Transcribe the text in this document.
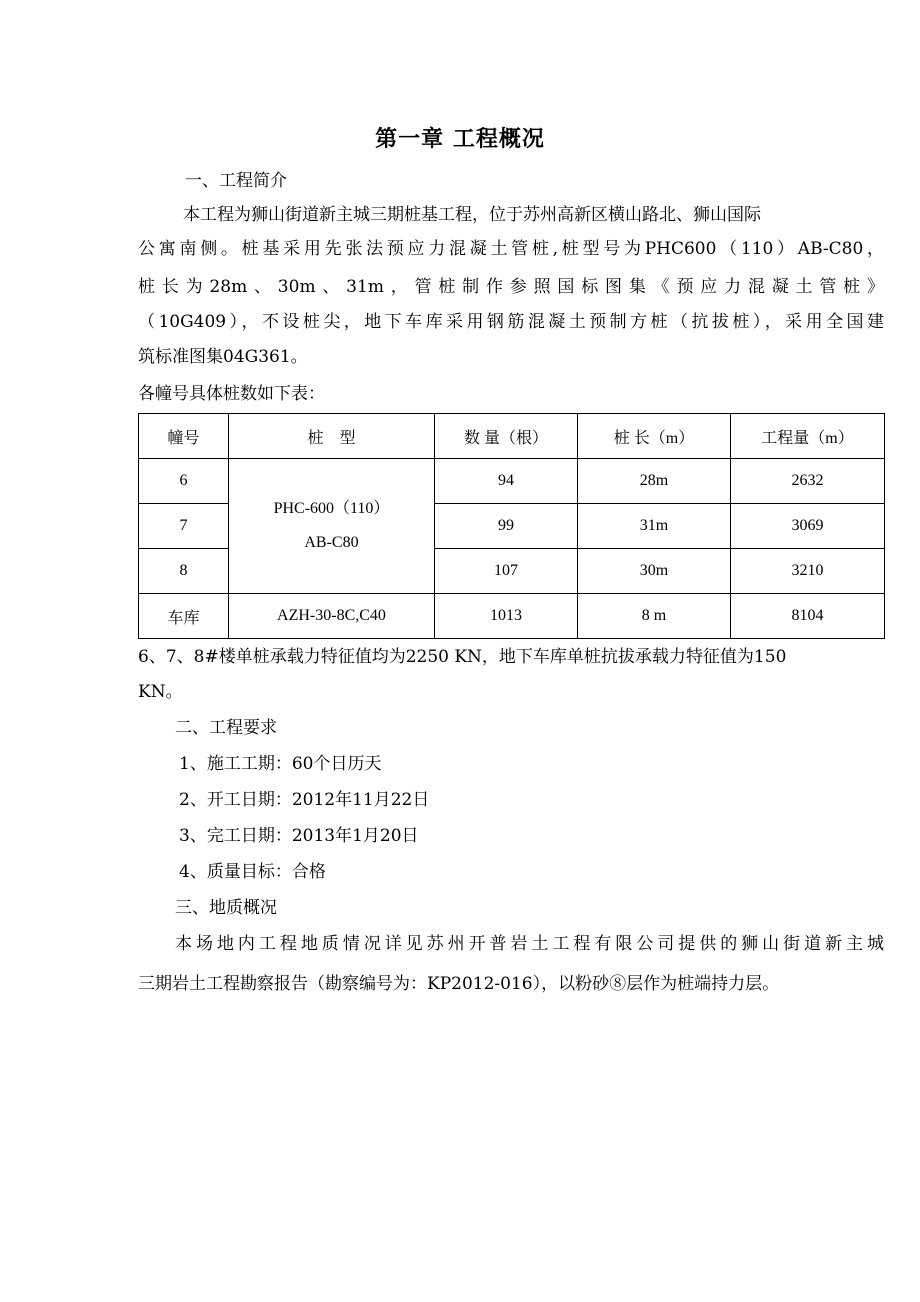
第一章 工程概况
一、工程简介
本工程为狮山街道新主城三期桩基工程，位于苏州高新区横山路北、狮山国际
公寓南侧。桩基采用先张法预应力混凝土管桩,桩型号为PHC600（110）AB-C80，
桩长为28m、30m、31m，管桩制作参照国标图集《预应力混凝土管桩》
（10G409），不设桩尖，地下车库采用钢筋混凝土预制方桩（抗拔桩），采用全国建
筑标准图集04G361。
各幢号具体桩数如下表：
幢号	桩　型	数 量（根）	桩 长（m）	工程量（m）
6	PHC-600（110）
AB-C80	94	28m	2632
7		99	31m	3069
8		107	30m	3210
车库	AZH-30-8C,C40	1013	8 m	8104
6、7、8#楼单桩承载力特征值均为2250 KN，地下车库单桩抗拔承载力特征值为150
KN。
二、工程要求
1、施工工期：60个日历天
2、开工日期：2012年11月22日
3、完工日期：2013年1月20日
4、质量目标：合格
三、地质概况
本场地内工程地质情况详见苏州开普岩土工程有限公司提供的狮山街道新主城
三期岩土工程勘察报告（勘察编号为：KP2012-016），以粉砂⑧层作为桩端持力层。
